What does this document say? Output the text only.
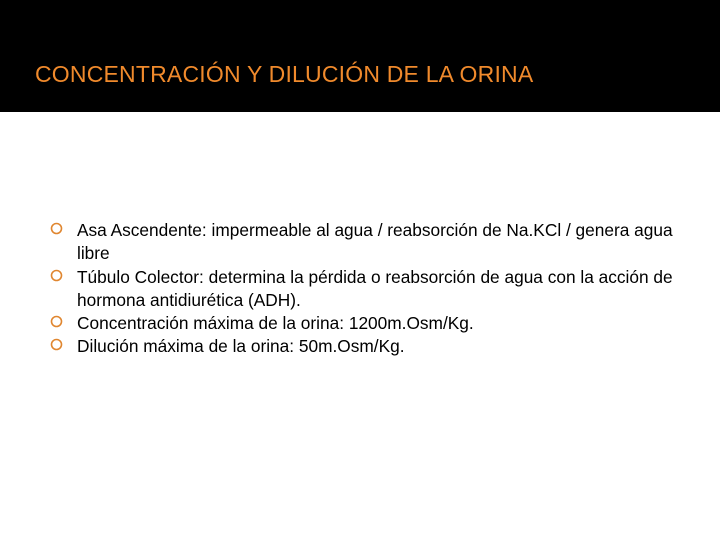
CONCENTRACIÓN Y DILUCIÓN DE LA ORINA
Asa Ascendente: impermeable al agua / reabsorción de Na.KCl / genera agua libre
Túbulo Colector: determina la pérdida o reabsorción de agua con la acción de hormona antidiurética (ADH).
Concentración máxima de la orina: 1200m.Osm/Kg.
Dilución máxima de la orina: 50m.Osm/Kg.
